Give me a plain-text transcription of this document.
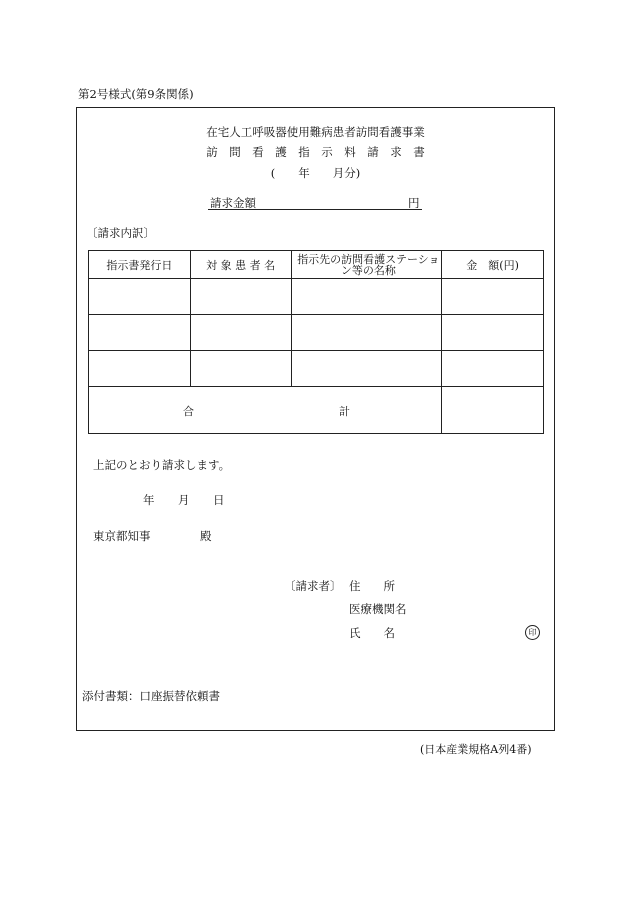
第2号様式(第9条関係)
在宅人工呼吸器使用難病患者訪問看護事業
訪　問　看　護　指　示　料　請　求　書
(　　年　　月分)
請求金額	円
〔請求内訳〕
指示書発行日	対 象 患 者 名	指示先の訪問看護ステーション等の名称	金　額(円)

合 計			

上記のとおり請求します。
年 月 日
東京都知事	殿
〔請求者〕 住　　所
医療機関名
氏　　名	印
添付書類：口座振替依頼書
(日本産業規格A列4番)
